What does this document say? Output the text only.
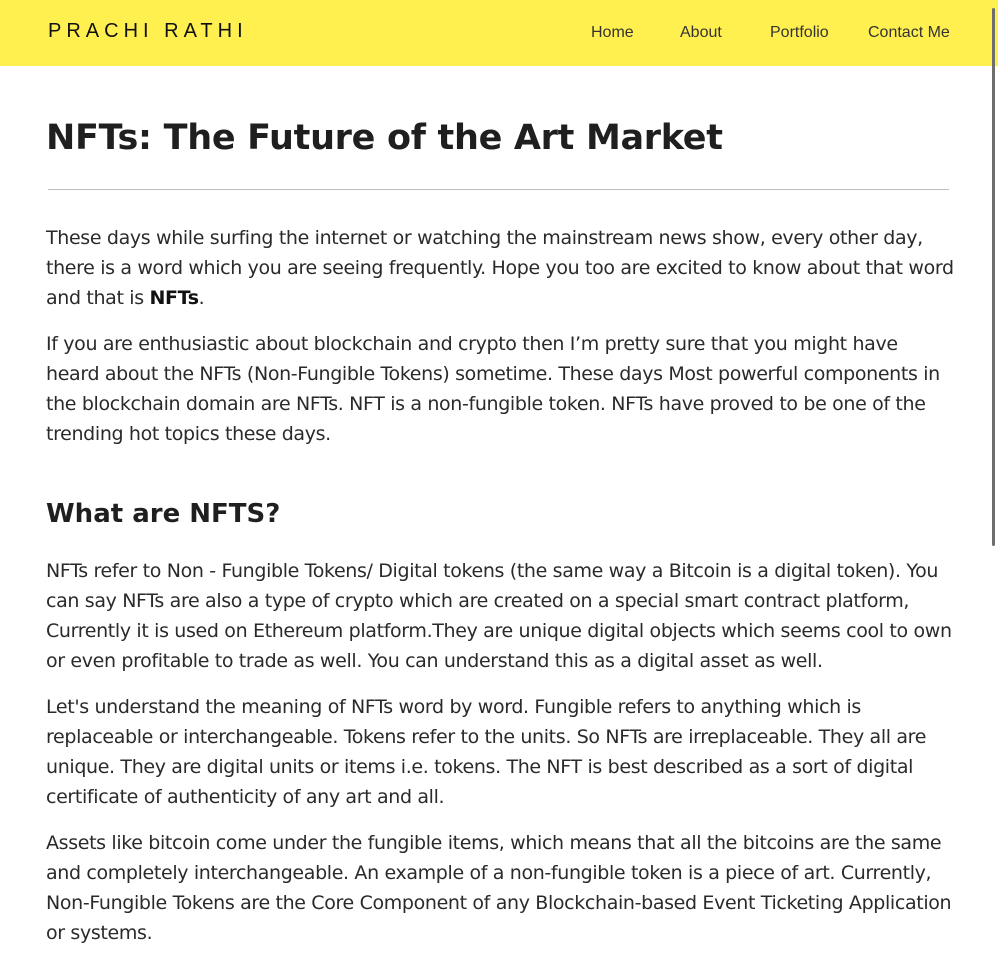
PRACHI RATHI	Home	About	Portfolio Contact Me
NFTs: The Future of the Art Market

These days while surfing the internet or watching the mainstream news show, every other day, there is a word which you are seeing frequently. Hope you too are excited to know about that word and that is NFTs.

If you are enthusiastic about blockchain and crypto then I’m pretty sure that you might have heard about the NFTs (Non-Fungible Tokens) sometime. These days Most powerful components in the blockchain domain are NFTs. NFT is a non-fungible token. NFTs have proved to be one of the trending hot topics these days.

What are NFTS?

NFTs refer to Non - Fungible Tokens/ Digital tokens (the same way a Bitcoin is a digital token). You can say NFTs are also a type of crypto which are created on a special smart contract platform, Currently it is used on Ethereum platform.They are unique digital objects which seems cool to own or even profitable to trade as well. You can understand this as a digital asset as well.

Let's understand the meaning of NFTs word by word. Fungible refers to anything which is replaceable or interchangeable. Tokens refer to the units. So NFTs are irreplaceable. They all are unique. They are digital units or items i.e. tokens. The NFT is best described as a sort of digital certificate of authenticity of any art and all.

Assets like bitcoin come under the fungible items, which means that all the bitcoins are the same and completely interchangeable. An example of a non-fungible token is a piece of art. Currently, Non-Fungible Tokens are the Core Component of any Blockchain-based Event Ticketing Application or systems.
